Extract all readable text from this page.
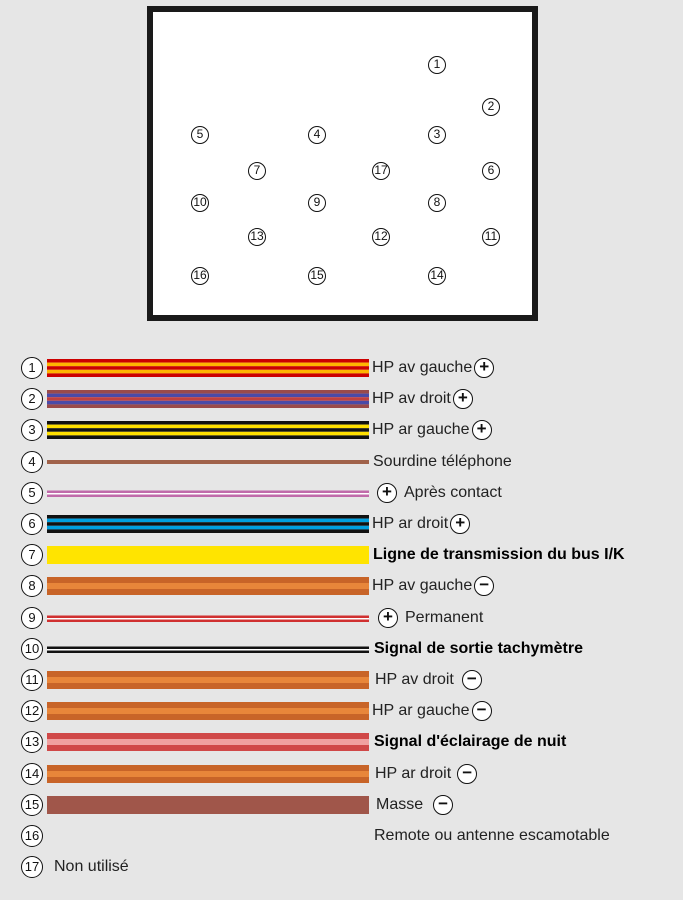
1
2
3
4
5
6
7
8
9
10
11
12
13
14
15
16
17
1	HP av gauche +
2	HP av droit +
3	HP ar gauche +
4	Sourdine téléphone
5	Après contact
+
6	HP ar droit +
7	Ligne de transmission du bus I/K
8	HP av gauche −
9	Permanent
+
10	Signal de sortie tachymètre
11	HP av droit −
12	HP ar gauche −
13	Signal d'éclairage de nuit
14	HP ar droit −
15	Masse −
16	Remote ou antenne escamotable
17 Non utilisé
